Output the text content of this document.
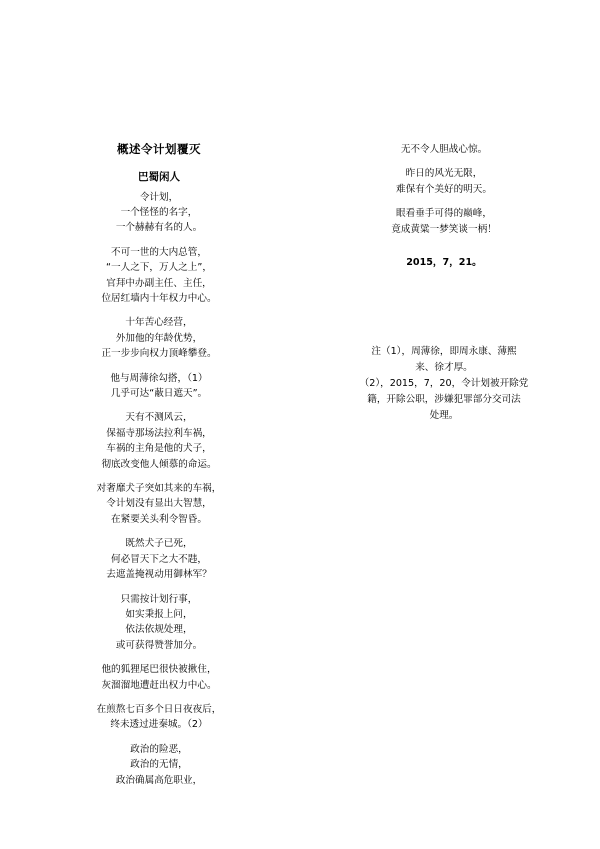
概述令计划覆灭
巴蜀闲人
令计划，
一个怪怪的名字，
一个赫赫有名的人。
不可一世的大内总管，
“一人之下，万人之上”，
官拜中办副主任、主任，
位居红墙内十年权力中心。
十年苦心经营，
外加他的年龄优势，
正一步步向权力顶峰攀登。
他与周薄徐勾搭，（1）
几乎可达“蔽日遮天”。
天有不测风云，
保福寺那场法拉利车祸，
车祸的主角是他的犬子，
彻底改变他人倾慕的命运。
对奢靡犬子突如其来的车祸，
令计划没有显出大智慧，
在紧要关头利令智昏。
既然犬子已死，
何必冒天下之大不韪，
去遮盖掩视动用御林军？
只需按计划行事，
如实秉报上问，
依法依规处理，
或可获得赞誉加分。
他的狐狸尾巴很快被揪住，
灰溜溜地遭赶出权力中心。
在煎熬七百多个日日夜夜后，
终未透过进秦城。（2）
政治的险恶，
政治的无情，
政治确属高危职业，
无不令人胆战心惊。
昨日的风光无限，
难保有个美好的明天。
眼看垂手可得的巅峰，
竟成黄粱一梦笑谈一柄！
2015，7，21。
注（1），周薄徐，即周永康、薄熙
来、徐才厚。
（2），2015，7，20，令计划被开除党
籍，开除公职，涉嫌犯罪部分交司法
处理。
